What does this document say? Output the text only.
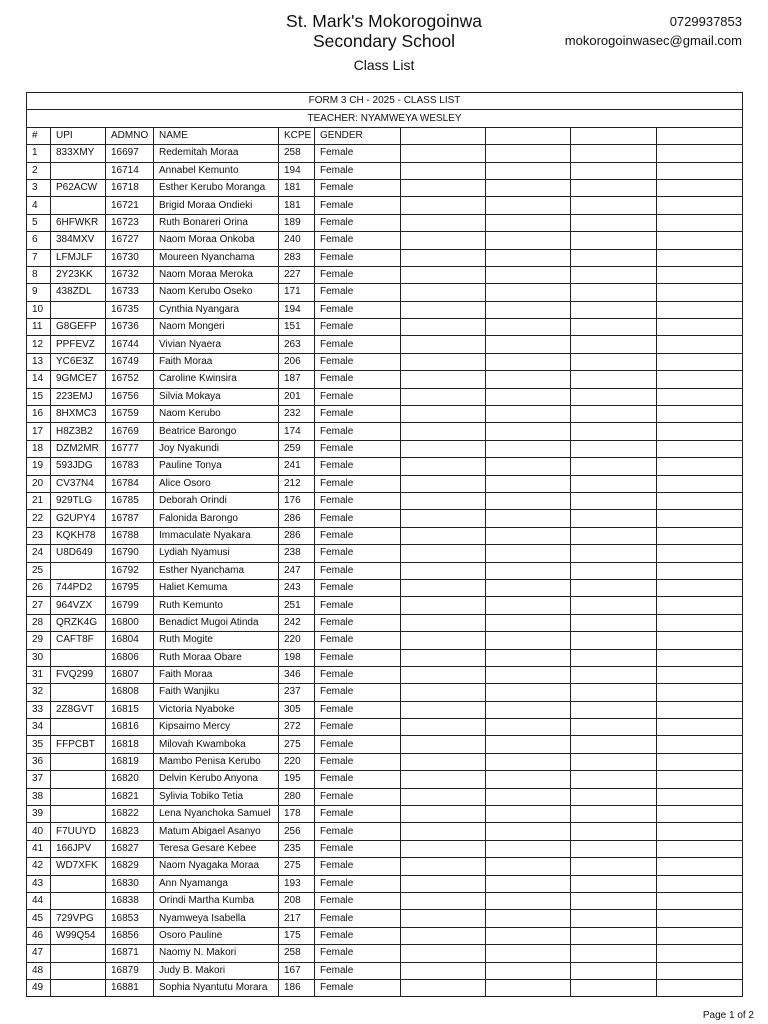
St. Mark's Mokorogoinwa
Secondary School
Class List
0729937853
mokorogoinwasec@gmail.com
FORM 3 CH - 2025 - CLASS LIST									
TEACHER: NYAMWEYA WESLEY									
#	UPI	ADMNO	NAME	KCPE	GENDER				
1	833XMY	16697	Redemitah Moraa	258	Female				
2		16714	Annabel Kemunto	194	Female				
3	P62ACW	16718	Esther Kerubo Moranga	181	Female				
4		16721	Brigid Moraa Ondieki	181	Female				
5	6HFWKR	16723	Ruth Bonareri Orina	189	Female				
6	384MXV	16727	Naom Moraa Onkoba	240	Female				
7	LFMJLF	16730	Moureen Nyanchama	283	Female				
8	2Y23KK	16732	Naom Moraa Meroka	227	Female				
9	438ZDL	16733	Naom Kerubo Oseko	171	Female				
10		16735	Cynthia Nyangara	194	Female				
11	G8GEFP	16736	Naom Mongeri	151	Female				
12	PPFEVZ	16744	Vivian Nyaera	263	Female				
13	YC6E3Z	16749	Faith Moraa	206	Female				
14	9GMCE7	16752	Caroline Kwinsira	187	Female				
15	223EMJ	16756	Silvia Mokaya	201	Female				
16	8HXMC3	16759	Naom Kerubo	232	Female				
17	H8Z3B2	16769	Beatrice Barongo	174	Female				
18	DZM2MR	16777	Joy Nyakundi	259	Female				
19	593JDG	16783	Pauline Tonya	241	Female				
20	CV37N4	16784	Alice Osoro	212	Female				
21	929TLG	16785	Deborah Orindi	176	Female				
22	G2UPY4	16787	Falonida Barongo	286	Female				
23	KQKH78	16788	Immaculate Nyakara	286	Female				
24	U8D649	16790	Lydiah Nyamusi	238	Female				
25		16792	Esther Nyanchama	247	Female				
26	744PD2	16795	Haliet Kemuma	243	Female				
27	964VZX	16799	Ruth Kemunto	251	Female				
28	QRZK4G	16800	Benadict Mugoi Atinda	242	Female				
29	CAFT8F	16804	Ruth Mogite	220	Female				
30		16806	Ruth Moraa Obare	198	Female				
31	FVQ299	16807	Faith Moraa	346	Female				
32		16808	Faith Wanjiku	237	Female				
33	2Z8GVT	16815	Victoria Nyaboke	305	Female				
34		16816	Kipsaimo Mercy	272	Female				
35	FFPCBT	16818	Milovah Kwamboka	275	Female				
36		16819	Mambo Penisa Kerubo	220	Female				
37		16820	Delvin Kerubo Anyona	195	Female				
38		16821	Sylivia Tobiko Tetia	280	Female				
39		16822	Lena Nyanchoka Samuel	178	Female				
40	F7UUYD	16823	Matum Abigael Asanyo	256	Female				
41	166JPV	16827	Teresa Gesare Kebee	235	Female				
42	WD7XFK	16829	Naom Nyagaka Moraa	275	Female				
43		16830	Ann Nyamanga	193	Female				
44		16838	Orindi Martha Kumba	208	Female				
45	729VPG	16853	Nyamweya Isabella	217	Female				
46	W99Q54	16856	Osoro Pauline	175	Female				
47		16871	Naomy N. Makori	258	Female				
48		16879	Judy B. Makori	167	Female				
49		16881	Sophia Nyantutu Morara	186	Female				
Page 1 of 2
